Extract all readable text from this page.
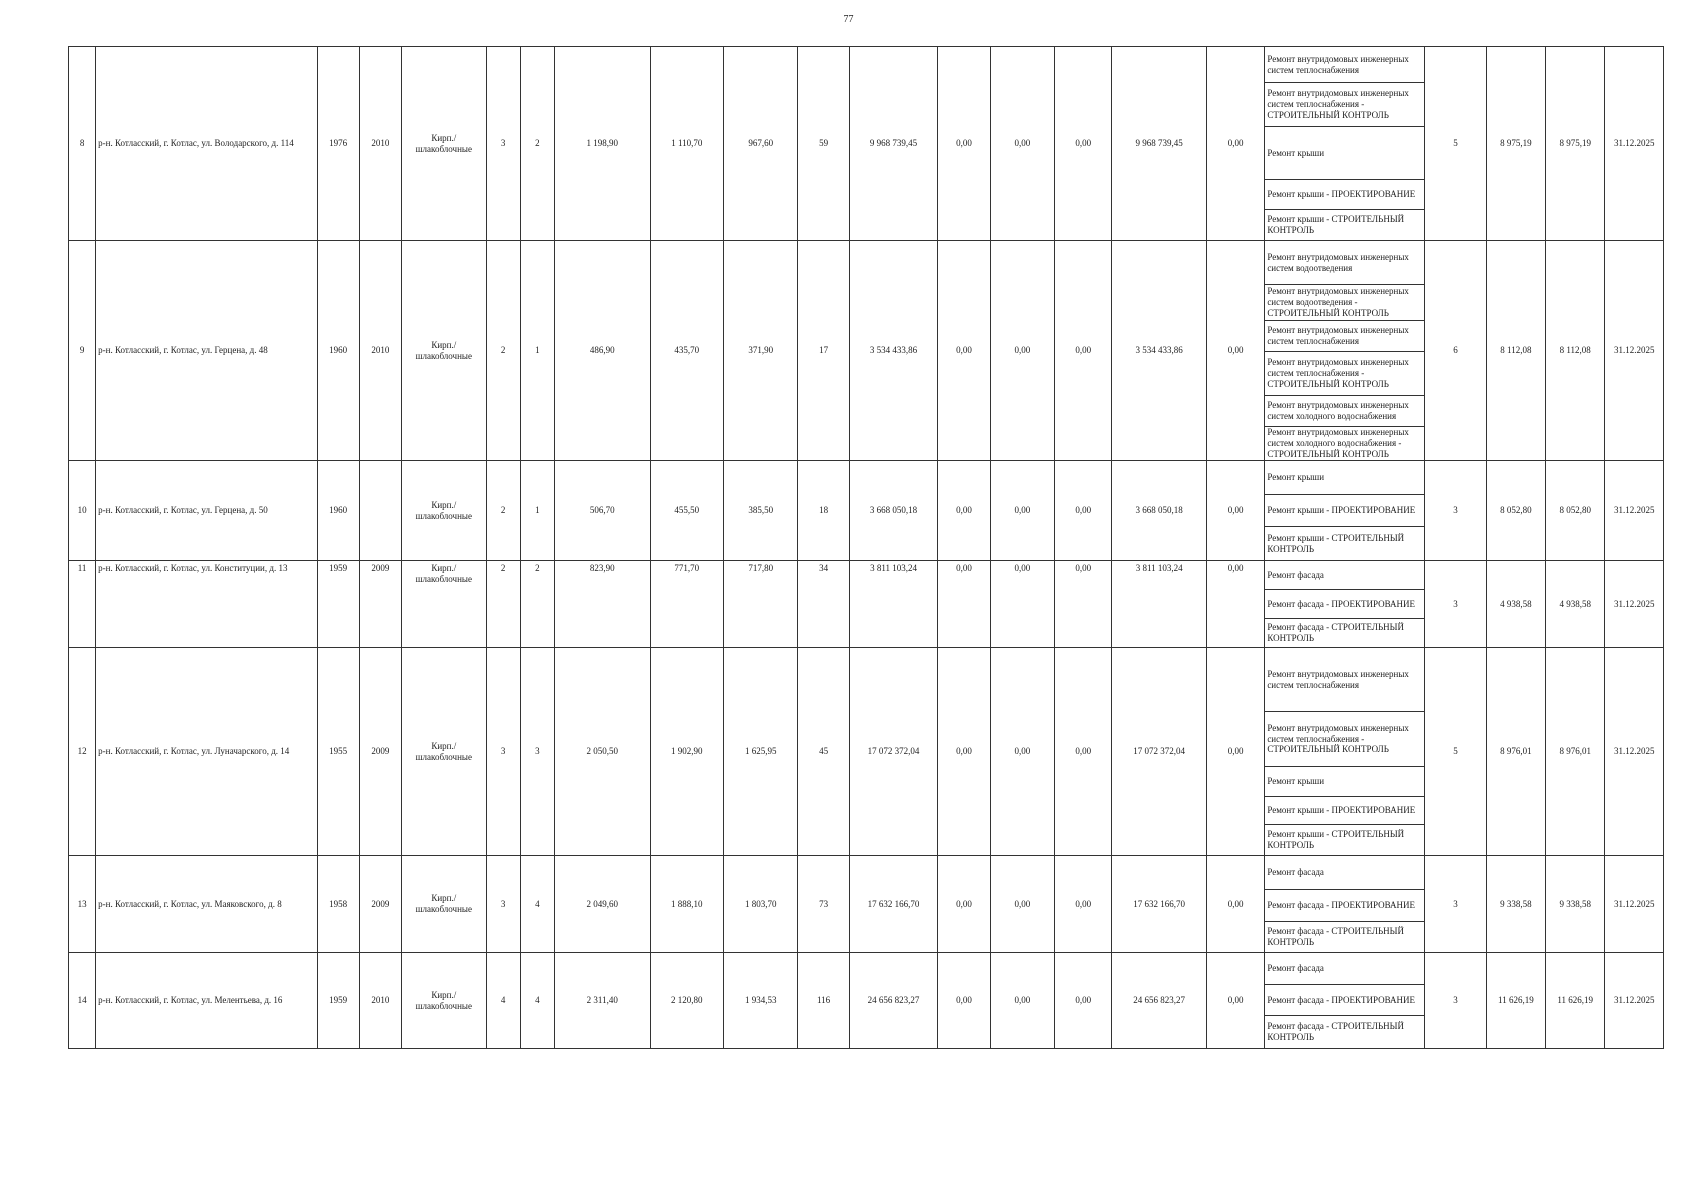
77
8	р-н. Котласский, г. Котлас, ул. Володарского, д. 114	1976	2010	Кирп./ шлакоблочные	3	2	1 198,90	1 110,70	967,60	59	9 968 739,45	0,00	0,00	0,00	9 968 739,45	0,00	Ремонт внутридомовых инженерных систем теплоснабжения	5	8 975,19	8 975,19	31.12.2025
																	Ремонт внутридомовых инженерных систем теплоснабжения - СТРОИТЕЛЬНЫЙ КОНТРОЛЬ				
																	Ремонт крыши				
																	Ремонт крыши - ПРОЕКТИРОВАНИЕ				
																	Ремонт крыши - СТРОИТЕЛЬНЫЙ КОНТРОЛЬ				
9	р-н. Котласский, г. Котлас, ул. Герцена, д. 48	1960	2010	Кирп./ шлакоблочные	2	1	486,90	435,70	371,90	17	3 534 433,86	0,00	0,00	0,00	3 534 433,86	0,00	Ремонт внутридомовых инженерных систем водоотведения	6	8 112,08	8 112,08	31.12.2025
																	Ремонт внутридомовых инженерных систем водоотведения - СТРОИТЕЛЬНЫЙ КОНТРОЛЬ				
																	Ремонт внутридомовых инженерных систем теплоснабжения				
																	Ремонт внутридомовых инженерных систем теплоснабжения - СТРОИТЕЛЬНЫЙ КОНТРОЛЬ				
																	Ремонт внутридомовых инженерных систем холодного водоснабжения				
																	Ремонт внутридомовых инженерных систем холодного водоснабжения - СТРОИТЕЛЬНЫЙ КОНТРОЛЬ				
10	р-н. Котласский, г. Котлас, ул. Герцена, д. 50	1960		Кирп./ шлакоблочные	2	1	506,70	455,50	385,50	18	3 668 050,18	0,00	0,00	0,00	3 668 050,18	0,00	Ремонт крыши	3	8 052,80	8 052,80	31.12.2025
																	Ремонт крыши - ПРОЕКТИРОВАНИЕ				
																	Ремонт крыши - СТРОИТЕЛЬНЫЙ КОНТРОЛЬ				
11	р-н. Котласский, г. Котлас, ул. Конституции, д. 13	1959	2009	Кирп./ шлакоблочные	2	2	823,90	771,70	717,80	34	3 811 103,24	0,00	0,00	0,00	3 811 103,24	0,00	Ремонт фасада	3	4 938,58	4 938,58	31.12.2025
																	Ремонт фасада - ПРОЕКТИРОВАНИЕ				
																	Ремонт фасада - СТРОИТЕЛЬНЫЙ КОНТРОЛЬ				
12	р-н. Котласский, г. Котлас, ул. Луначарского, д. 14	1955	2009	Кирп./ шлакоблочные	3	3	2 050,50	1 902,90	1 625,95	45	17 072 372,04	0,00	0,00	0,00	17 072 372,04	0,00	Ремонт внутридомовых инженерных систем теплоснабжения	5	8 976,01	8 976,01	31.12.2025
																	Ремонт внутридомовых инженерных систем теплоснабжения - СТРОИТЕЛЬНЫЙ КОНТРОЛЬ				
																	Ремонт крыши				
																	Ремонт крыши - ПРОЕКТИРОВАНИЕ				
																	Ремонт крыши - СТРОИТЕЛЬНЫЙ КОНТРОЛЬ				
13	р-н. Котласский, г. Котлас, ул. Маяковского, д. 8	1958	2009	Кирп./ шлакоблочные	3	4	2 049,60	1 888,10	1 803,70	73	17 632 166,70	0,00	0,00	0,00	17 632 166,70	0,00	Ремонт фасада	3	9 338,58	9 338,58	31.12.2025
																	Ремонт фасада - ПРОЕКТИРОВАНИЕ				
																	Ремонт фасада - СТРОИТЕЛЬНЫЙ КОНТРОЛЬ				
14	р-н. Котласский, г. Котлас, ул. Мелентьева, д. 16	1959	2010	Кирп./ шлакоблочные	4	4	2 311,40	2 120,80	1 934,53	116	24 656 823,27	0,00	0,00	0,00	24 656 823,27	0,00	Ремонт фасада	3	11 626,19	11 626,19	31.12.2025
																	Ремонт фасада - ПРОЕКТИРОВАНИЕ				
																	Ремонт фасада - СТРОИТЕЛЬНЫЙ КОНТРОЛЬ				
